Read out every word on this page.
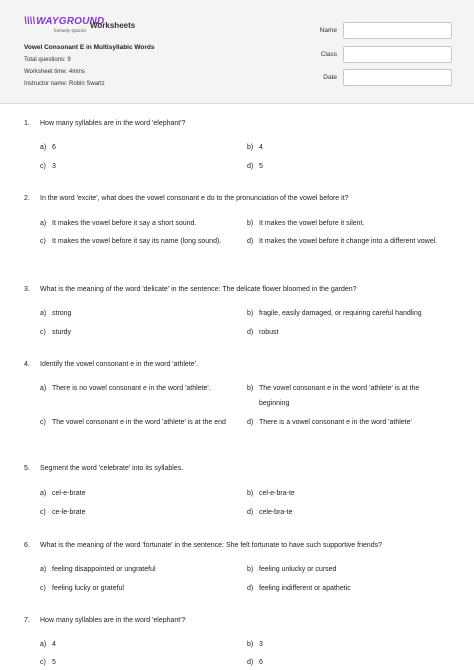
\\\\ WAYGROUND
formerly Quizizz
Worksheets
Vowel Consonant E in Multisyllabic Words
Total questions: 9
Worksheet time: 4mins
Instructor name: Robin Swartz
Name
Class
Date
1. How many syllables are in the word 'elephant'?
a) 6	b) 4
c) 3	d) 5
2. In the word 'excite', what does the vowel consonant e do to the pronunciation of the vowel before it?
a) It makes the vowel before it say a short sound.	b) It makes the vowel before it silent.
c) It makes the vowel before it say its name (long sound).	d) It makes the vowel before it change into a different vowel.
3. What is the meaning of the word 'delicate' in the sentence: The delicate flower bloomed in the garden?
a) strong	b) fragile, easily damaged, or requiring careful handling
c) sturdy	d) robust
4. Identify the vowel consonant e in the word 'athlete'.
a) There is no vowel consonant e in the word 'athlete'.	b) The vowel consonant e in the word 'athlete' is at the beginning
c) The vowel consonant e in the word 'athlete' is at the end	d) There is a vowel consonant e in the word 'athlete'
5. Segment the word 'celebrate' into its syllables.
a) cel-e-brate	b) cel-e-bra-te
c) ce-le-brate	d) cele-bra-te
6. What is the meaning of the word 'fortunate' in the sentence: She felt fortunate to have such supportive friends?
a) feeling disappointed or ungrateful	b) feeling unlucky or cursed
c) feeling lucky or grateful	d) feeling indifferent or apathetic
7. How many syllables are in the word 'elephant'?
a) 4	b) 3
c) 5	d) 6
